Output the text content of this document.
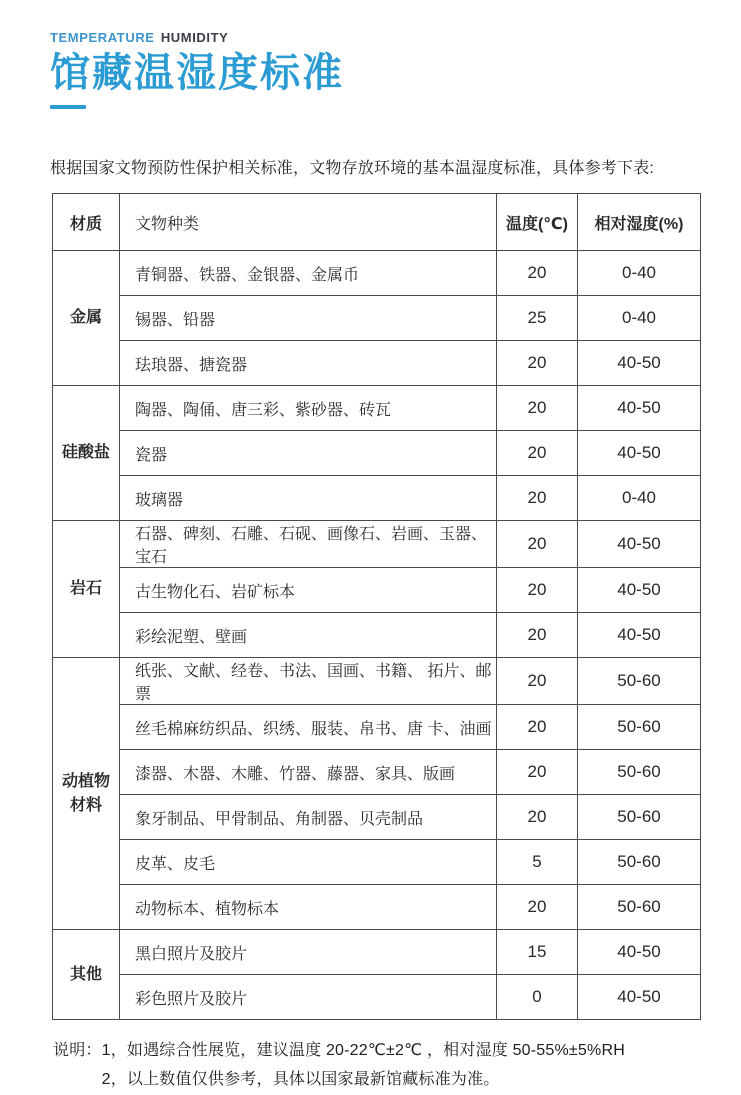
TEMPERATURE HUMIDITY
馆藏温湿度标准

根据国家文物预防性保护相关标准，文物存放环境的基本温湿度标准，具体参考下表:

材质	文物种类	温度(℃)	相对湿度(%)
金属	青铜器、铁器、金银器、金属币	20	0-40
	锡器、铅器	25	0-40
	珐琅器、搪瓷器	20	40-50
硅酸盐	陶器、陶俑、唐三彩、紫砂器、砖瓦	20	40-50
	瓷器	20	40-50
	玻璃器	20	0-40
岩石	石器、碑刻、石雕、石砚、画像石、岩画、玉器、宝石	20	40-50
	古生物化石、岩矿标本	20	40-50
	彩绘泥塑、壁画	20	40-50
动植物材料	纸张、文献、经卷、书法、国画、书籍、 拓片、邮票	20	50-60
	丝毛棉麻纺织品、织绣、服装、帛书、唐 卡、油画	20	50-60
	漆器、木器、木雕、竹器、藤器、家具、版画	20	50-60
	象牙制品、甲骨制品、角制器、贝壳制品	20	50-60
	皮革、皮毛	5	50-60
	动物标本、植物标本	20	50-60
其他	黑白照片及胶片	15	40-50
	彩色照片及胶片	0	40-50
说明： 1，如遇综合性展览，建议温度 20-22℃±2℃ ，相对湿度 50-55%±5%RH
2，以上数值仅供参考，具体以国家最新馆藏标准为准。
